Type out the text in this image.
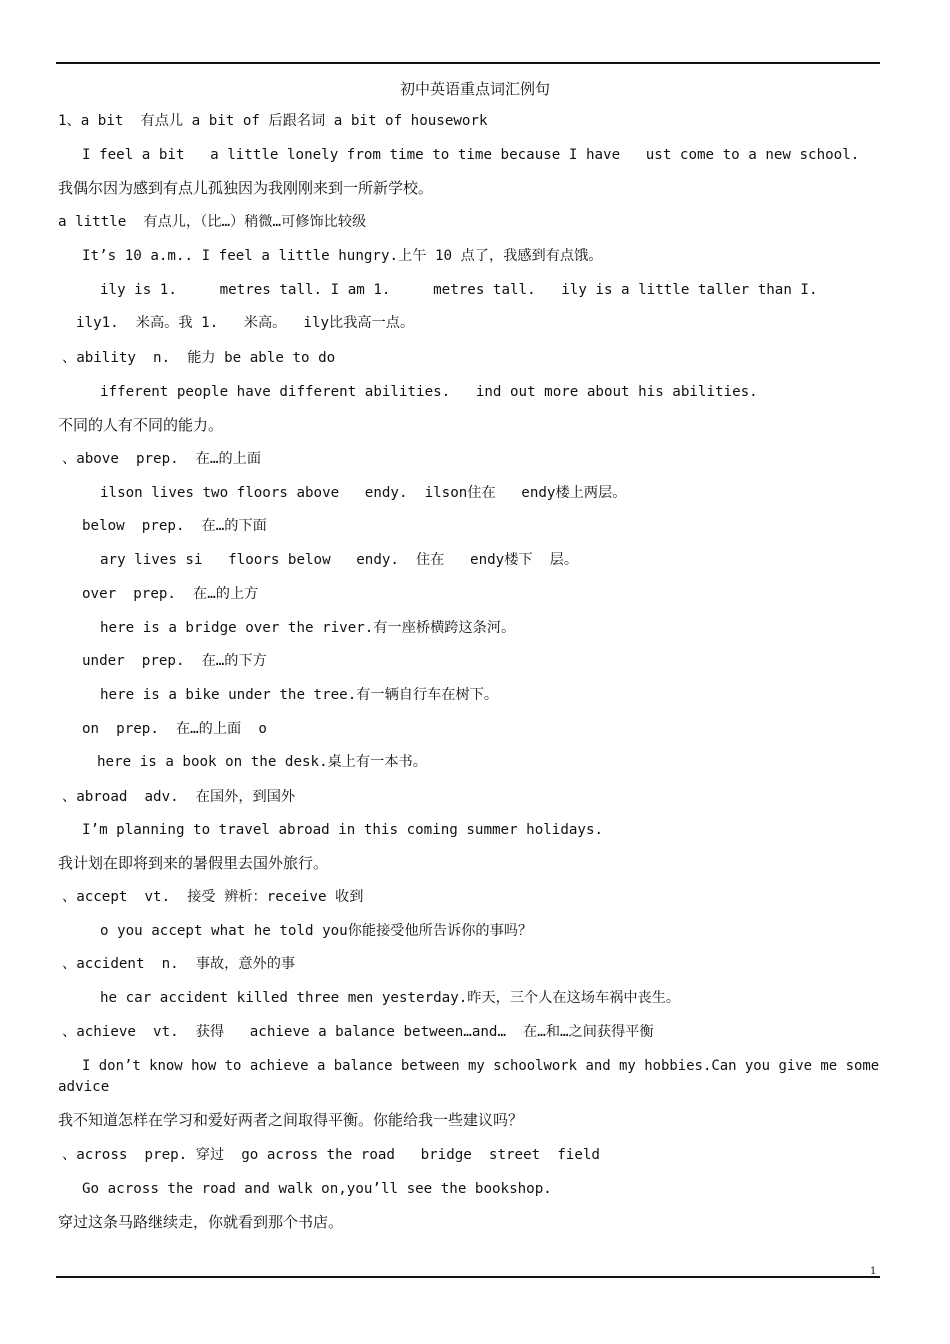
初中英语重点词汇例句
1、a bit  有点儿 a bit of 后跟名词 a bit of housework
I feel a bit   a little lonely from time to time because I have   ust come to a new school.
我偶尔因为感到有点儿孤独因为我刚刚来到一所新学校。
a little  有点儿，（比…）稍微…可修饰比较级
It’s 10 a.m.. I feel a little hungry.上午 10 点了，我感到有点饿。
ily is 1.     metres tall. I am 1.     metres tall.   ily is a little taller than I.
ily1.  米高。我 1.   米高。  ily比我高一点。
、ability  n.  能力 be able to do
ifferent people have different abilities.   ind out more about his abilities.
不同的人有不同的能力。
、above  prep.  在…的上面
ilson lives two floors above   endy.  ilson住在   endy楼上两层。
below  prep.  在…的下面
ary lives si   floors below   endy.  住在   endy楼下  层。
over  prep.  在…的上方
here is a bridge over the river.有一座桥横跨这条河。
under  prep.  在…的下方
here is a bike under the tree.有一辆自行车在树下。
on  prep.  在…的上面  o
here is a book on the desk.桌上有一本书。
、abroad  adv.  在国外，到国外
I’m planning to travel abroad in this coming summer holidays.
我计划在即将到来的暑假里去国外旅行。
、accept  vt.  接受 辨析：receive 收到
o you accept what he told you你能接受他所告诉你的事吗？
、accident  n.  事故，意外的事
he car accident killed three men yesterday.昨天，三个人在这场车祸中丧生。
、achieve  vt.  获得   achieve a balance between…and…  在…和…之间获得平衡
I don’t know how to achieve a balance between my schoolwork and my hobbies.Can you give me some
advice
我不知道怎样在学习和爱好两者之间取得平衡。你能给我一些建议吗？
、across  prep. 穿过  go across the road   bridge  street  field
Go across the road and walk on,you’ll see the bookshop.
穿过这条马路继续走，你就看到那个书店。
1
